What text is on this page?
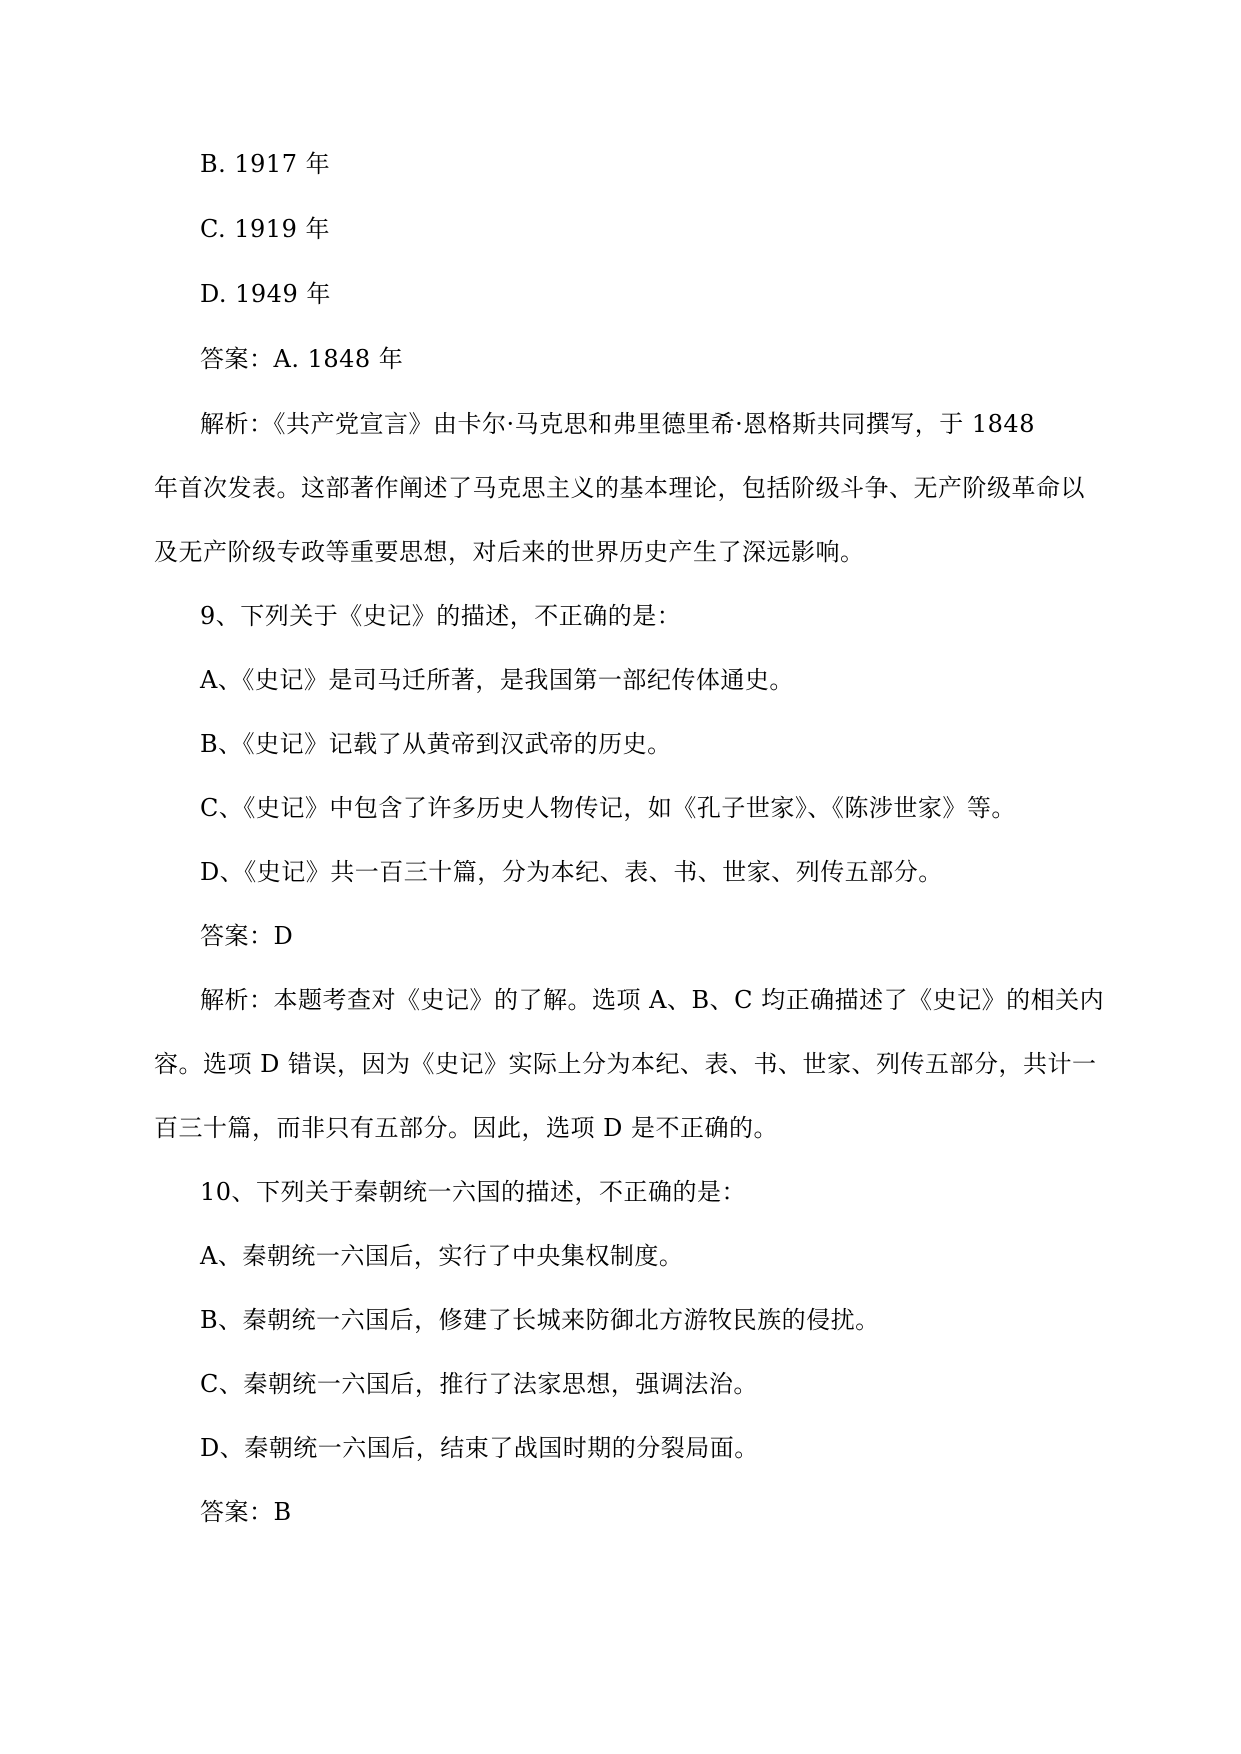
B. 1917 年
C. 1919 年
D. 1949 年
答案：A. 1848 年
解析：《共产党宣言》由卡尔·马克思和弗里德里希·恩格斯共同撰写，于 1848
年首次发表。这部著作阐述了马克思主义的基本理论，包括阶级斗争、无产阶级革命以
及无产阶级专政等重要思想，对后来的世界历史产生了深远影响。
9、下列关于《史记》的描述，不正确的是：
A、《史记》是司马迁所著，是我国第一部纪传体通史。
B、《史记》记载了从黄帝到汉武帝的历史。
C、《史记》中包含了许多历史人物传记，如《孔子世家》、《陈涉世家》等。
D、《史记》共一百三十篇，分为本纪、表、书、世家、列传五部分。
答案：D
解析：本题考查对《史记》的了解。选项 A、B、C 均正确描述了《史记》的相关内
容。选项 D 错误，因为《史记》实际上分为本纪、表、书、世家、列传五部分，共计一
百三十篇，而非只有五部分。因此，选项 D 是不正确的。
10、下列关于秦朝统一六国的描述，不正确的是：
A、秦朝统一六国后，实行了中央集权制度。
B、秦朝统一六国后，修建了长城来防御北方游牧民族的侵扰。
C、秦朝统一六国后，推行了法家思想，强调法治。
D、秦朝统一六国后，结束了战国时期的分裂局面。
答案：B
